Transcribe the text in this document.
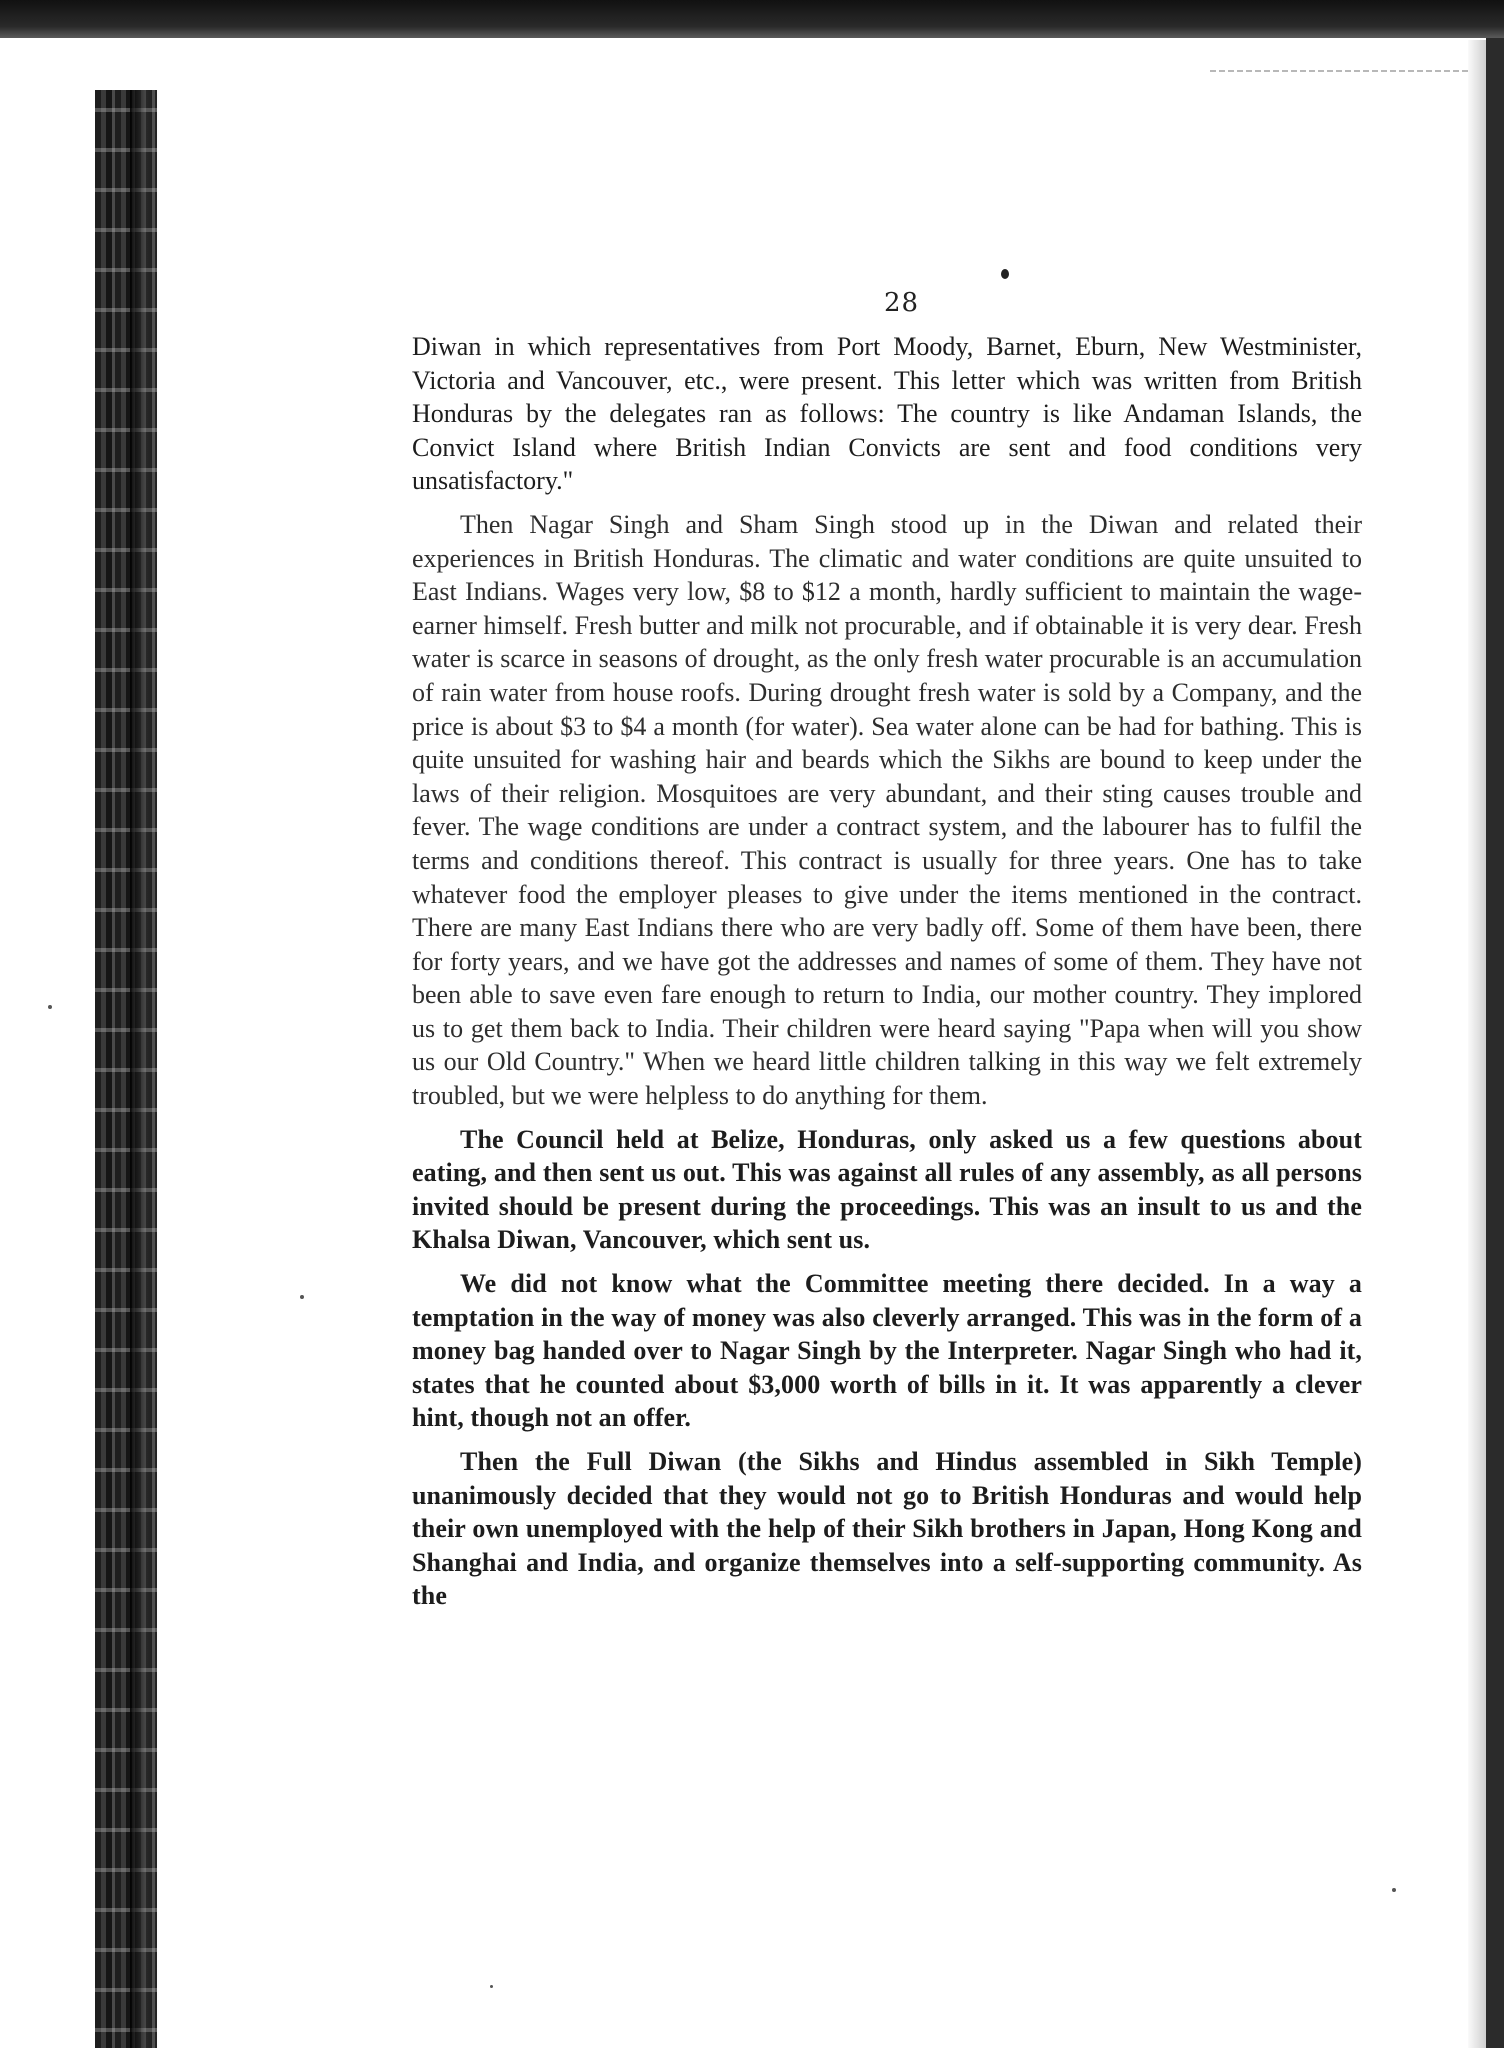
28

Diwan in which representatives from Port Moody, Barnet, Eburn, New Westminister, Victoria and Vancouver, etc., were present. This letter which was written from British Honduras by the delegates ran as follows: The country is like Andaman Islands, the Convict Island where British Indian Convicts are sent and food conditions very unsatisfactory."

Then Nagar Singh and Sham Singh stood up in the Diwan and related their experiences in British Honduras. The climatic and water conditions are quite unsuited to East Indians. Wages very low, $8 to $12 a month, hardly sufficient to maintain the wage-earner himself. Fresh butter and milk not procurable, and if obtainable it is very dear. Fresh water is scarce in seasons of drought, as the only fresh water procurable is an accumulation of rain water from house roofs. During drought fresh water is sold by a Company, and the price is about $3 to $4 a month (for water). Sea water alone can be had for bathing. This is quite unsuited for washing hair and beards which the Sikhs are bound to keep under the laws of their religion. Mosquitoes are very abundant, and their sting causes trouble and fever. The wage conditions are under a contract system, and the labourer has to fulfil the terms and conditions thereof. This contract is usually for three years. One has to take whatever food the employer pleases to give under the items mentioned in the contract. There are many East Indians there who are very badly off. Some of them have been, there for forty years, and we have got the addresses and names of some of them. They have not been able to save even fare enough to return to India, our mother country. They implored us to get them back to India. Their children were heard saying "Papa when will you show us our Old Country." When we heard little children talking in this way we felt extremely troubled, but we were helpless to do anything for them.

The Council held at Belize, Honduras, only asked us a few questions about eating, and then sent us out. This was against all rules of any assembly, as all persons invited should be present during the proceedings. This was an insult to us and the Khalsa Diwan, Vancouver, which sent us.

We did not know what the Committee meeting there decided. In a way a temptation in the way of money was also cleverly arranged. This was in the form of a money bag handed over to Nagar Singh by the Interpreter. Nagar Singh who had it, states that he counted about $3,000 worth of bills in it. It was apparently a clever hint, though not an offer.

Then the Full Diwan (the Sikhs and Hindus assembled in Sikh Temple) unanimously decided that they would not go to British Honduras and would help their own unemployed with the help of their Sikh brothers in Japan, Hong Kong and Shanghai and India, and organize themselves into a self-supporting community. As the
